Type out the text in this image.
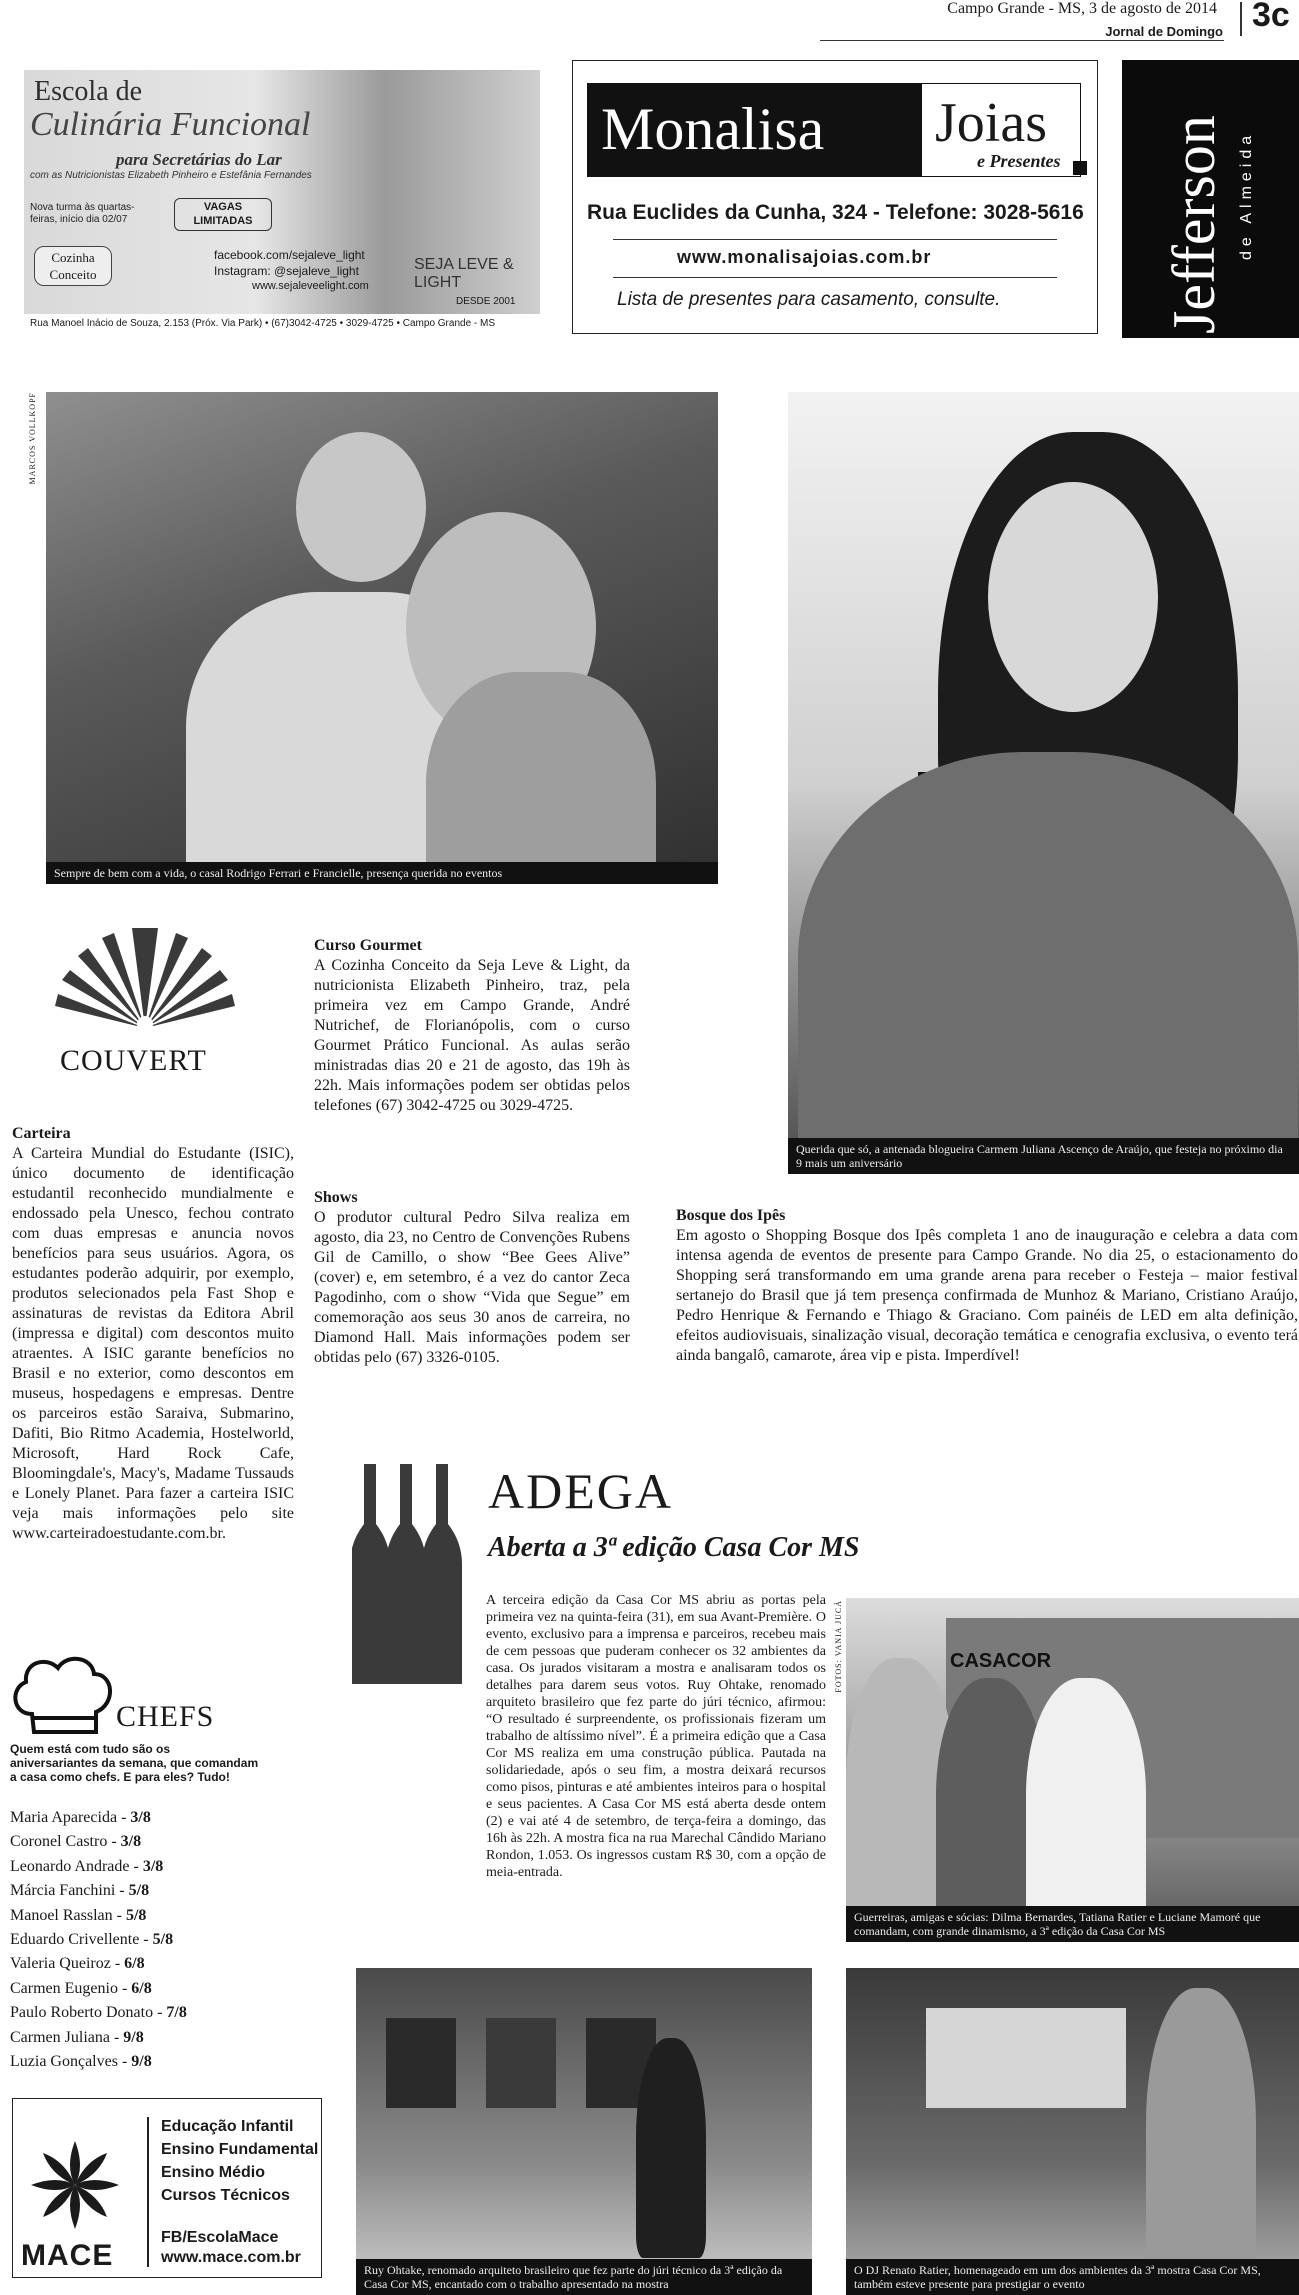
Campo Grande - MS, 3 de agosto de 2014
Jornal de Domingo 3c
Escola de
Culinária Funcional
para Secretárias do Lar
com as Nutricionistas Elizabeth Pinheiro e Estefânia Fernandes
Nova turma às quartas-feiras, início dia 02/07
VAGAS LIMITADAS
Cozinha Conceito
facebook.com/sejaleve_light
Instagram: @sejaleve_light
www.sejaleveelight.com
SEJA LEVE & LIGHT
DESDE 2001
Rua Manoel Inácio de Souza, 2.153 (Próx. Via Park) • (67)3042-4725 • 3029-4725 • Campo Grande - MS
Monalisa Joias
e Presentes
Rua Euclides da Cunha, 324 - Telefone: 3028-5616
www.monalisajoias.com.br
Lista de presentes para casamento, consulte.	Jefferson de Almeida
MARCOS VOLLKOPF
Sempre de bem com a vida, o casal Rodrigo Ferrari e Francielle, presença querida no eventos
Querida que só, a antenada blogueira Carmem Juliana Ascenço de Araújo, que festeja no próximo dia 9 mais um aniversário
COUVERT
Carteira
A Carteira Mundial do Estudante (ISIC), único documento de identificação estudantil reconhecido mundialmente e endossado pela Unesco, fechou contrato com duas empresas e anuncia novos benefícios para seus usuários. Agora, os estudantes poderão adquirir, por exemplo, produtos selecionados pela Fast Shop e assinaturas de revistas da Editora Abril (impressa e digital) com descontos muito atraentes. A ISIC garante benefícios no Brasil e no exterior, como descontos em museus, hospedagens e empresas. Dentre os parceiros estão Saraiva, Submarino, Dafiti, Bio Ritmo Academia, Hostelworld, Microsoft, Hard Rock Cafe, Bloomingdale's, Macy's, Madame Tussauds e Lonely Planet. Para fazer a carteira ISIC veja mais informações pelo site www.carteiradoestudante.com.br.
Curso Gourmet
A Cozinha Conceito da Seja Leve & Light, da nutricionista Elizabeth Pinheiro, traz, pela primeira vez em Campo Grande, André Nutrichef, de Florianópolis, com o curso Gourmet Prático Funcional. As aulas serão ministradas dias 20 e 21 de agosto, das 19h às 22h. Mais informações podem ser obtidas pelos telefones (67) 3042-4725 ou 3029-4725.
Shows
O produtor cultural Pedro Silva realiza em agosto, dia 23, no Centro de Convenções Rubens Gil de Camillo, o show “Bee Gees Alive” (cover) e, em setembro, é a vez do cantor Zeca Pagodinho, com o show “Vida que Segue” em comemoração aos seus 30 anos de carreira, no Diamond Hall. Mais informações podem ser obtidas pelo (67) 3326-0105.
Bosque dos Ipês
Em agosto o Shopping Bosque dos Ipês completa 1 ano de inauguração e celebra a data com intensa agenda de eventos de presente para Campo Grande. No dia 25, o estacionamento do Shopping será transformando em uma grande arena para receber o Festeja – maior festival sertanejo do Brasil que já tem presença confirmada de Munhoz & Mariano, Cristiano Araújo, Pedro Henrique & Fernando e Thiago & Graciano. Com painéis de LED em alta definição, efeitos audiovisuais, sinalização visual, decoração temática e cenografia exclusiva, o evento terá ainda bangalô, camarote, área vip e pista. Imperdível!
ADEGA
Aberta a 3ª edição Casa Cor MS
A terceira edição da Casa Cor MS abriu as portas pela primeira vez na quinta-feira (31), em sua Avant-Première. O evento, exclusivo para a imprensa e parceiros, recebeu mais de cem pessoas que puderam conhecer os 32 ambientes da casa. Os jurados visitaram a mostra e analisaram todos os detalhes para darem seus votos. Ruy Ohtake, renomado arquiteto brasileiro que fez parte do júri técnico, afirmou: “O resultado é surpreendente, os profissionais fizeram um trabalho de altíssimo nível”. É a primeira edição que a Casa Cor MS realiza em uma construção pública. Pautada na solidariedade, após o seu fim, a mostra deixará recursos como pisos, pinturas e até ambientes inteiros para o hospital e seus pacientes. A Casa Cor MS está aberta desde ontem (2) e vai até 4 de setembro, de terça-feira a domingo, das 16h às 22h. A mostra fica na rua Marechal Cândido Mariano Rondon, 1.053. Os ingressos custam R$ 30, com a opção de meia-entrada.
FOTOS: VANIA JUCÁ	CASACOR
Guerreiras, amigas e sócias: Dilma Bernardes, Tatiana Ratier e Luciane Mamoré que comandam, com grande dinamismo, a 3ª edição da Casa Cor MS
Ruy Ohtake, renomado arquiteto brasileiro que fez parte do júri técnico da 3ª edição da Casa Cor MS, encantado com o trabalho apresentado na mostra
O DJ Renato Ratier, homenageado em um dos ambientes da 3ª mostra Casa Cor MS, também esteve presente para prestigiar o evento
CHEFS
Quem está com tudo são os aniversariantes da semana, que comandam a casa como chefs. E para eles? Tudo!
Maria Aparecida - 3/8
Coronel Castro - 3/8
Leonardo Andrade - 3/8
Márcia Fanchini - 5/8
Manoel Rasslan - 5/8
Eduardo Crivellente - 5/8
Valeria Queiroz - 6/8
Carmen Eugenio - 6/8
Paulo Roberto Donato - 7/8
Carmen Juliana - 9/8
Luzia Gonçalves - 9/8
MACE
Educação Infantil
Ensino Fundamental
Ensino Médio
Cursos Técnicos
FB/EscolaMace
www.mace.com.br
